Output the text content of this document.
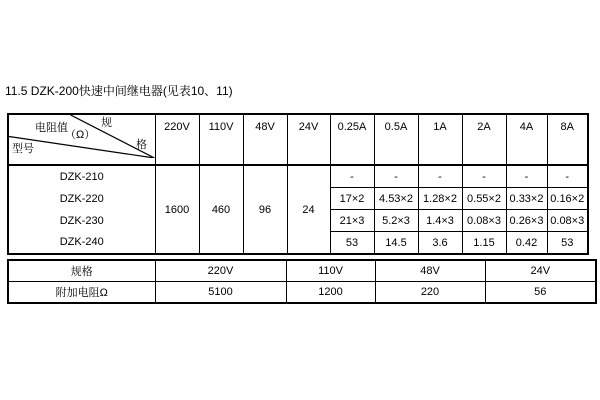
11.5 DZK-200快速中间继电器(见表10、11)
电阻值
（Ω）
规
格
型号	220V	110V	48V	24V	0.25A	0.5A	1A	2A	4A	8A
DZK-210	1600	460	96	24	-	-	-	-	-	-
DZK-220					17×2	4.53×2	1.28×2	0.55×2	0.33×2	0.16×2
DZK-230					21×3	5.2×3	1.4×3	0.08×3	0.26×3	0.08×3
DZK-240					53	14.5	3.6	1.15	0.42	53
规格	220V	110V	48V	24V
附加电阻Ω	5100	1200	220	56
